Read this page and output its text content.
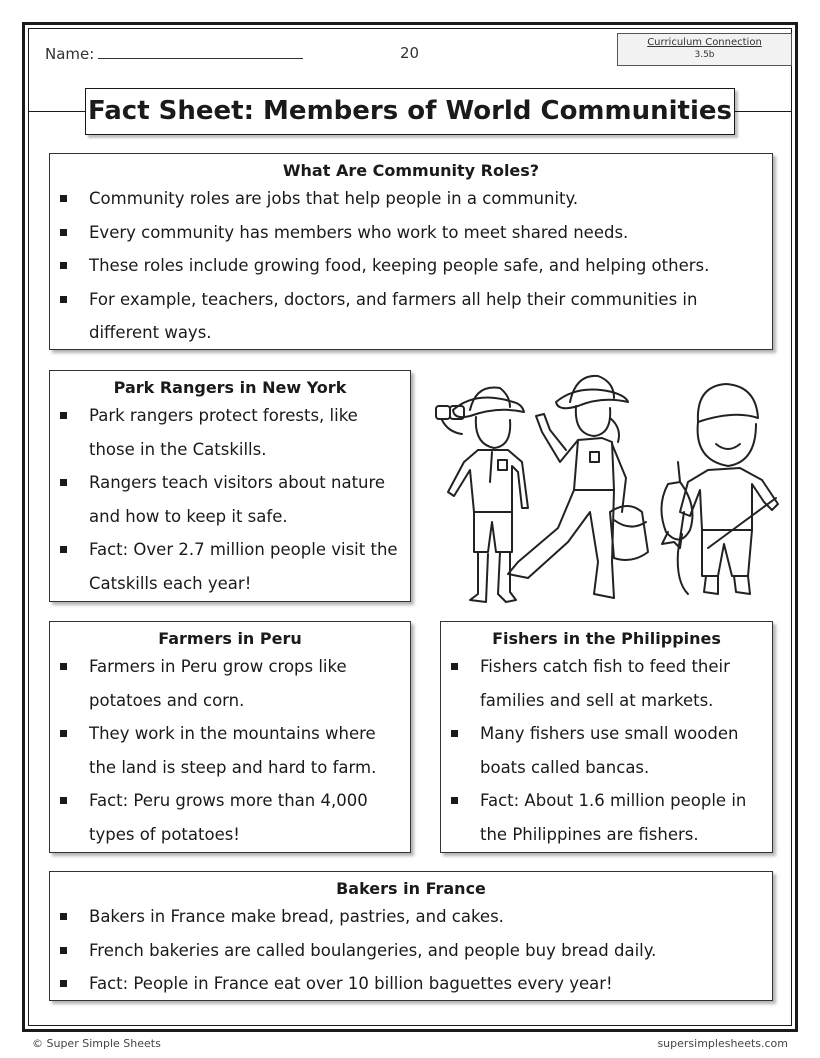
Name:	20
Curriculum Connection
3.5b
Fact Sheet: Members of World Communities
What Are Community Roles?
Community roles are jobs that help people in a community.
Every community has members who work to meet shared needs.
These roles include growing food, keeping people safe, and helping others.
For example, teachers, doctors, and farmers all help their communities in different ways.
Park Rangers in New York
Park rangers protect forests, like those in the Catskills.
Rangers teach visitors about nature and how to keep it safe.
Fact: Over 2.7 million people visit the Catskills each year!
Farmers in Peru
Farmers in Peru grow crops like potatoes and corn.
They work in the mountains where the land is steep and hard to farm.
Fact: Peru grows more than 4,000 types of potatoes!
Fishers in the Philippines
Fishers catch fish to feed their families and sell at markets.
Many fishers use small wooden boats called bancas.
Fact: About 1.6 million people in the Philippines are fishers.
Bakers in France
Bakers in France make bread, pastries, and cakes.
French bakeries are called boulangeries, and people buy bread daily.
Fact: People in France eat over 10 billion baguettes every year!
© Super Simple Sheets	supersimplesheets.com
